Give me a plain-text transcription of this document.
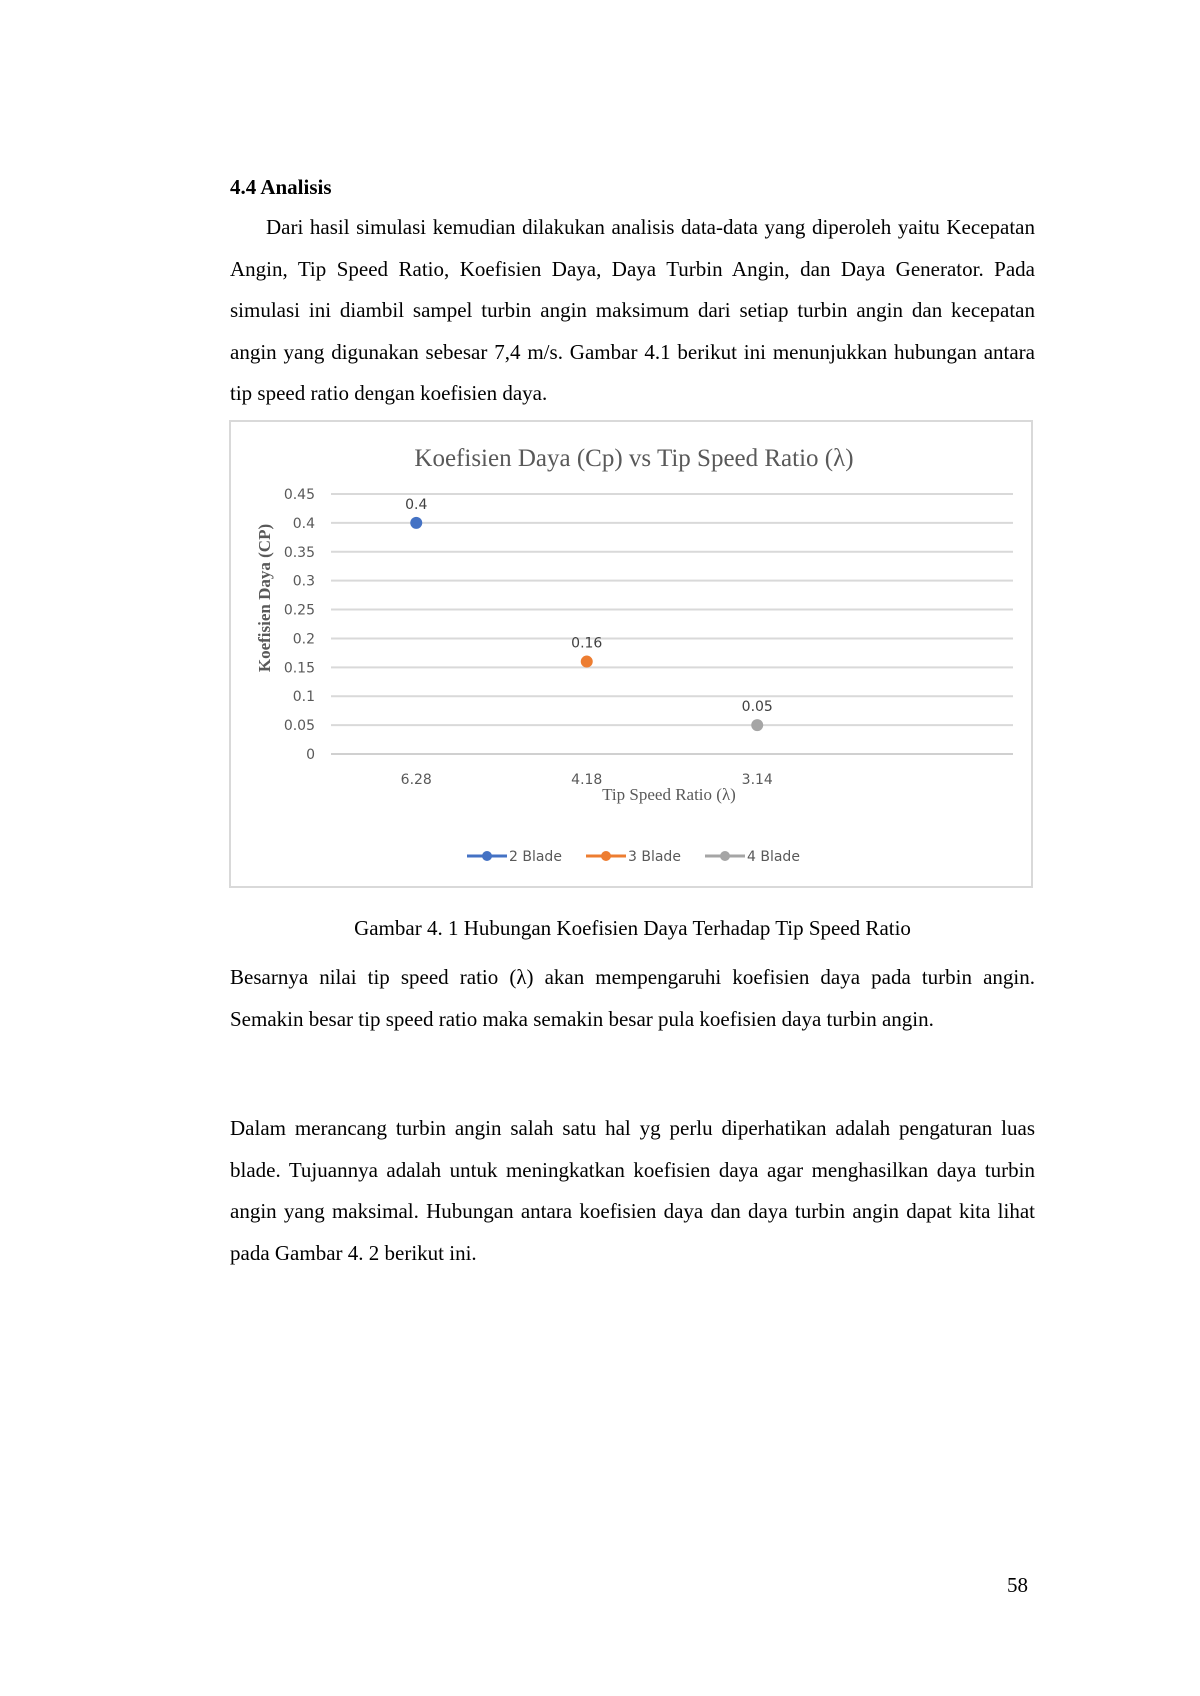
4.4 Analisis

Dari hasil simulasi kemudian dilakukan analisis data-data yang diperoleh yaitu Kecepatan Angin, Tip Speed Ratio, Koefisien Daya, Daya Turbin Angin, dan Daya Generator. Pada simulasi ini diambil sampel turbin angin maksimum dari setiap turbin angin dan kecepatan angin yang digunakan sebesar 7,4 m/s. Gambar 4.1 berikut ini menunjukkan hubungan antara tip speed ratio dengan koefisien daya.

Koefisien Daya (Cp) vs Tip Speed Ratio (λ)
0
0.05
0.1
0.15
0.2
0.25
0.3
0.35
0.4
0.45
6.28	4.18	3.14
0.4
0.16
0.05
Koefisien Daya (CP)
Tip Speed Ratio (λ)
2 Blade	3 Blade	4 Blade

Gambar 4. 1 Hubungan Koefisien Daya Terhadap Tip Speed Ratio

Besarnya nilai tip speed ratio (λ) akan mempengaruhi koefisien daya pada turbin angin. Semakin besar tip speed ratio maka semakin besar pula koefisien daya turbin angin.

Dalam merancang turbin angin salah satu hal yg perlu diperhatikan adalah pengaturan luas blade. Tujuannya adalah untuk meningkatkan koefisien daya agar menghasilkan daya turbin angin yang maksimal. Hubungan antara koefisien daya dan daya turbin angin dapat kita lihat pada Gambar 4. 2 berikut ini.

58
